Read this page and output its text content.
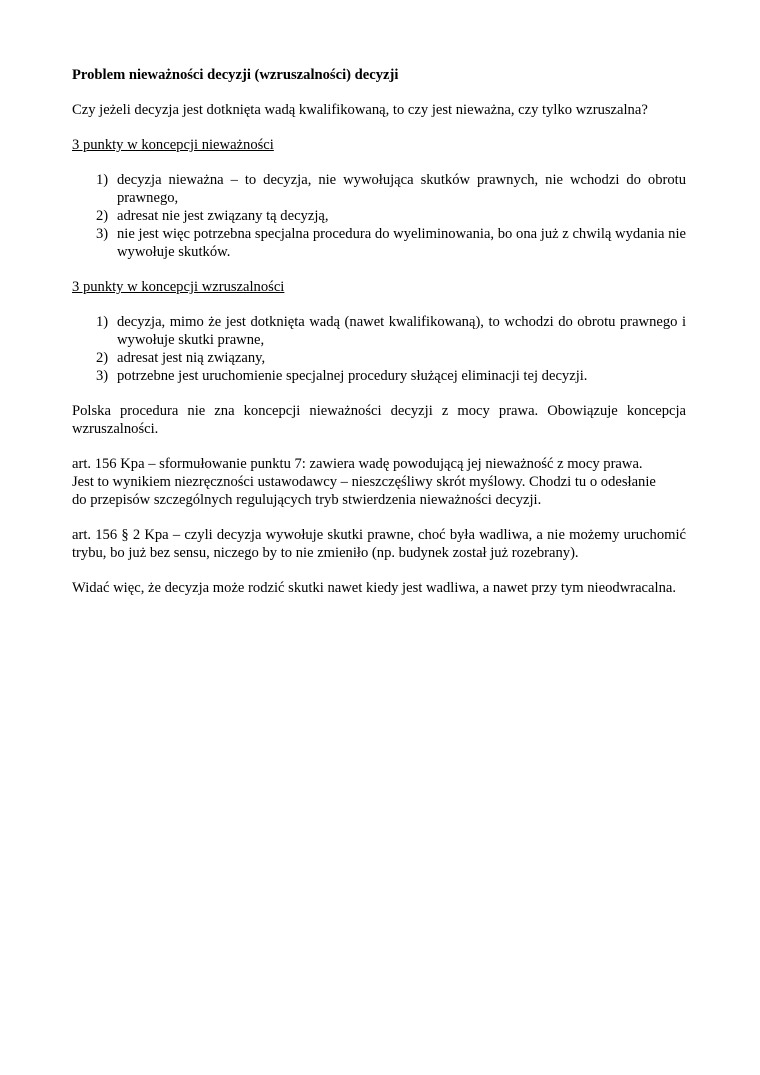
Problem nieważności decyzji (wzruszalności) decyzji

Czy jeżeli decyzja jest dotknięta wadą kwalifikowaną, to czy jest nieważna, czy tylko wzruszalna?

3 punkty w koncepcji nieważności

1) decyzja nieważna – to decyzja, nie wywołująca skutków prawnych, nie wchodzi do obrotu prawnego,
2) adresat nie jest związany tą decyzją,
3) nie jest więc potrzebna specjalna procedura do wyeliminowania, bo ona już z chwilą wydania nie wywołuje skutków.

3 punkty w koncepcji wzruszalności

1) decyzja, mimo że jest dotknięta wadą (nawet kwalifikowaną), to wchodzi do obrotu prawnego i wywołuje skutki prawne,
2) adresat jest nią związany,
3) potrzebne jest uruchomienie specjalnej procedury służącej eliminacji tej decyzji.

Polska procedura nie zna koncepcji nieważności decyzji z mocy prawa. Obowiązuje koncepcja wzruszalności.

art. 156 Kpa – sformułowanie punktu 7: zawiera wadę powodującą jej nieważność z mocy prawa.
Jest to wynikiem niezręczności ustawodawcy – nieszczęśliwy skrót myślowy. Chodzi tu o odesłanie
do przepisów szczególnych regulujących tryb stwierdzenia nieważności decyzji.

art. 156 § 2 Kpa – czyli decyzja wywołuje skutki prawne, choć była wadliwa, a nie możemy uruchomić trybu, bo już bez sensu, niczego by to nie zmieniło (np. budynek został już rozebrany).

Widać więc, że decyzja może rodzić skutki nawet kiedy jest wadliwa, a nawet przy tym nieodwracalna.
